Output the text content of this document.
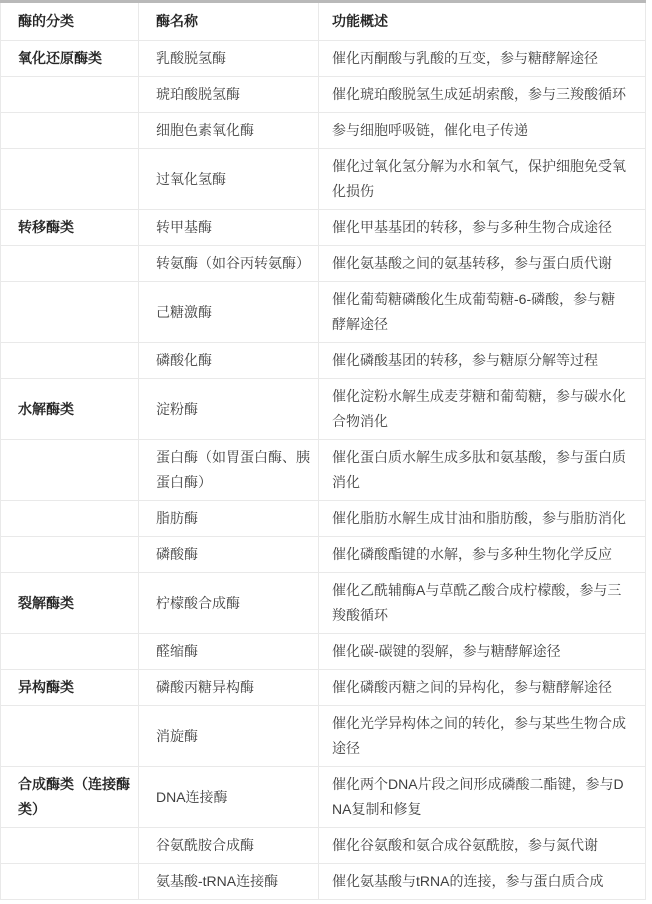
酶的分类	酶名称	功能概述
氧化还原酶类	乳酸脱氢酶	催化丙酮酸与乳酸的互变，参与糖酵解途径
	琥珀酸脱氢酶	催化琥珀酸脱氢生成延胡索酸，参与三羧酸循环
	细胞色素氧化酶	参与细胞呼吸链，催化电子传递
	过氧化氢酶	催化过氧化氢分解为水和氧气，保护细胞免受氧化损伤
转移酶类	转甲基酶	催化甲基基团的转移，参与多种生物合成途径
	转氨酶（如谷丙转氨酶）	催化氨基酸之间的氨基转移，参与蛋白质代谢
	己糖激酶	催化葡萄糖磷酸化生成葡萄糖-6-磷酸，参与糖酵解途径
	磷酸化酶	催化磷酸基团的转移，参与糖原分解等过程
水解酶类	淀粉酶	催化淀粉水解生成麦芽糖和葡萄糖，参与碳水化合物消化
	蛋白酶（如胃蛋白酶、胰蛋白酶）	催化蛋白质水解生成多肽和氨基酸，参与蛋白质消化
	脂肪酶	催化脂肪水解生成甘油和脂肪酸，参与脂肪消化
	磷酸酶	催化磷酸酯键的水解，参与多种生物化学反应
裂解酶类	柠檬酸合成酶	催化乙酰辅酶A与草酰乙酸合成柠檬酸，参与三羧酸循环
	醛缩酶	催化碳-碳键的裂解，参与糖酵解途径
异构酶类	磷酸丙糖异构酶	催化磷酸丙糖之间的异构化，参与糖酵解途径
	消旋酶	催化光学异构体之间的转化，参与某些生物合成途径
合成酶类（连接酶类）	DNA连接酶	催化两个DNA片段之间形成磷酸二酯键，参与DNA复制和修复
	谷氨酰胺合成酶	催化谷氨酸和氨合成谷氨酰胺，参与氮代谢
	氨基酸-tRNA连接酶	催化氨基酸与tRNA的连接，参与蛋白质合成
